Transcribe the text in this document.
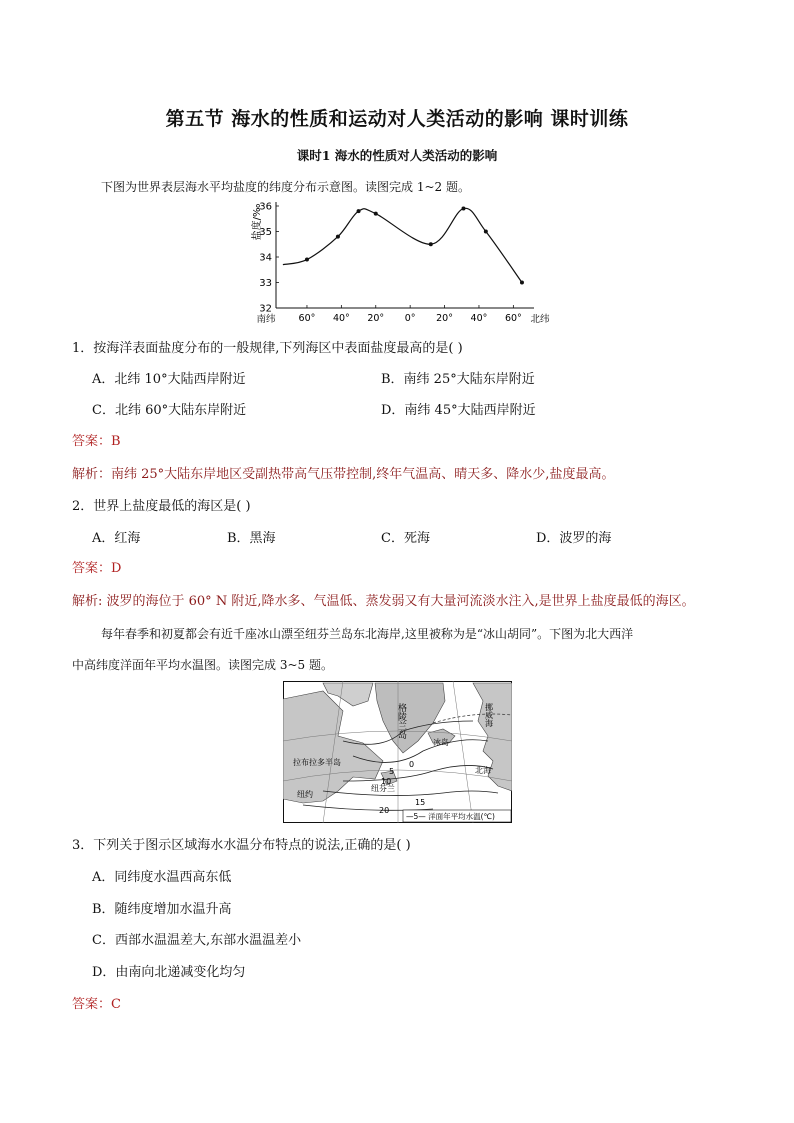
第五节 海水的性质和运动对人类活动的影响 课时训练
课时1 海水的性质对人类活动的影响
下图为世界表层海水平均盐度的纬度分布示意图。读图完成 1~2 题。
32
33
34
35
36
60° 40° 20° 0° 20° 40° 60°
南纬	北纬
盐度/‰
1．按海洋表面盐度分布的一般规律,下列海区中表面盐度最高的是( )
A．北纬 10°大陆西岸附近	B．南纬 25°大陆东岸附近
C．北纬 60°大陆东岸附近	D．南纬 45°大陆西岸附近
答案：B
解析：南纬 25°大陆东岸地区受副热带高气压带控制,终年气温高、晴天多、降水少,盐度最高。
2．世界上盐度最低的海区是( )
A．红海	B．黑海	C．死海	D．波罗的海
答案：D
解析: 波罗的海位于 60° N 附近,降水多、气温低、蒸发弱又有大量河流淡水注入,是世界上盐度最低的海区。
每年春季和初夏都会有近千座冰山漂至纽芬兰岛东北海岸,这里被称为是“冰山胡同”。下图为北大西洋
中高纬度洋面年平均水温图。读图完成 3~5 题。
格陵兰岛
冰岛
挪威海
拉布拉多半岛
纽芬兰
纽约
北海
0
5
10
15
20
—5— 洋面年平均水温(℃)
3．下列关于图示区域海水水温分布特点的说法,正确的是( )
A．同纬度水温西高东低
B．随纬度增加水温升高
C．西部水温温差大,东部水温温差小
D．由南向北递减变化均匀
答案：C
